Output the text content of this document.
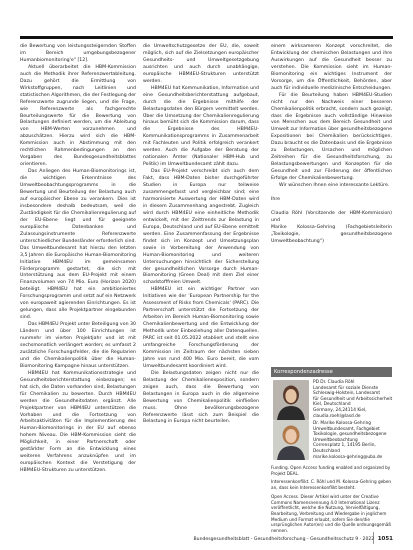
die Bewertung von leistungssteigernden Stoffen im Bereich umgebungsbezogener Humanbiomonitoring'e" [12].

Aktuell überarbeitet die HBM-Kommission auch die Methodik ihrer Referenzwertableitung. Dazu gehört die Ermittlung von Wirkstoffgruppen, nach Leitlinien und statistischen Algorithmen, die der Festlegung der Referenzwerte zugrunde liegen, und die Frage, wie Referenzwerte als fachgerechte Beurteilungswerte für die Bewertung von Belastungen definiert werden, um die Ableitung von HBM-Werten vorzunehmen und abzuschätzen. Hierzu wird sich die HBM-Kommission auch in Abstimmung mit den rechtlichen Rahmenbedingungen an den Vorgaben des Bundesgesundheitsblattes orientieren.

Das Anliegen des Human-Biomonitorings ist, die wichtigen Erkenntnisse des Umweltbeobachtungsprogramms in die Bewertung und Beurteilung der Belastung auch auf europäischer Ebene zu verankern. Dies ist insbesondere deshalb bedeutsam, weil die Zuständigkeit für die Chemikalienregulierung auf der EU-Ebene liegt und für geeignete europäische Datenbanken und Zulassungsinstrumente Referenzwerte unterschiedlicher Bundesländer erforderlich sind. Das Umweltbundesamt hat hierzu den letzten 3,5 Jahren die Europäische Human-Biomonitoring Initiative HBM4EU im gemeinsamen Förderprogramm gestartet, die sich mit Unterstützung aus dem EU-Projekt mit einem Finanzvolumen von 74 Mio. Euro (Horizon 2020) beteiligt. HBM4EU hat ein ambitioniertes Forschungsprogramm und setzt auf ein Netzwerk von europaweit agierenden Einrichtungen. Es ist gelungen, dass alle Projektpartner eingebunden sind.

Das HBM4EU Projekt unter Beteiligung von 30 Ländern und über 100 Einrichtungen ist nunmehr im vierten Projektjahr und ist mit sechsmonatlich verlängert worden; es umfasst 2 zusätzliche Forschungsfelder, die die Regularien und die Chemikalienpolitik über die Human-Biomonitoring Kampagne hinaus unterstützen.

HBM4EU hat Kommunikationsstrategie und Gesundheitsberichterstattung einbezogen; es hat sich, die Daten vorhanden sind, Belastungen für Chemikalien zu bewerten. Durch HBM4EU werden die Gesundheitsdaten ergänzt. Alle Projektpartner von HBM4EU unterstützen die Vorhaben und die Fortsetzung von Arbeitsaktivitäten für die Implementierung des Human-Biomonitorings in der EU auf ebenso hohem Niveau. Die HBM-Kommission sieht die Möglichkeit, in einer Partnerschaft oder gestärkter Form an die Entwicklung eines weiteren Verfahrens anzuknüpfen und im europäischen Kontext die Verstetigung der HBM4EU-Strukturen zu unterstützen.

die Umweltschutzgesetze der EU, die, soweit möglich, sich auf die Zielsetzungen europäischer Gesundheits- und Umweltgesetzgebung ausrichten und auch durch unabhängige, europäische HBM4EU-Strukturen unterstützt werden.

HBM4EU hat Kommunikation, Information und eine Gesundheitsberichterstattung aufgebaut, durch die die Ergebnisse mithilfe der Belastungsdaten den Bürgern vermittelt werden. Über die Umsetzung der Chemikalienregulierung hinaus bemüht sich die Kommission darum, dass die Ergebnisse des HBM4EU-Kommunikationsprogramms in Zusammenarbeit mit Fachleuten und Politik erfolgreich verankert werden. Auch die Aufgabe der Beratung der nationalen Ämter (Nationaler HBM-Hub und Politik) im Umweltbundesamt zählt dazu.

Das EU-Projekt verschreibt sich auch dem Fakt, dass HBM-Daten bisher durchgeführter Studien in Europa nur teilweise zusammengefasst und vergleichbar sind; eine harmonisierte Auswertung der HBM-Daten wird in diesem Zusammenhang angestrebt. Zugleich wird durch HBM4EU eine einheitliche Methodik entwickelt, mit der Zeittrends zur Belastung in Europa, Deutschland und auf EU-Ebene ermittelt werden. Eine Zusammenfassung der Ergebnisse findet sich im Konzept und Umsetzungsplan sowie in Vorbereitung der Anwendung von Human-Biomonitoring und weiteren Untersuchungen hinsichtlich der Sicherstellung der gesundheitlichen Vorsorge durch Human-Biomonitoring (Green Deal) mit dem Ziel einer schadstofffreien Umwelt.

HBM4EU ist ein wichtiger Partner von Initiativen wie der 'European Partnership for the Assessment of Risks from Chemicals' (PARC). Die Partnerschaft unterstützt die Fortsetzung der Arbeiten im Bereich Human-Biomonitoring sowie Chemikalienbewertung und die Entwicklung der Methodik unter Einbeziehung aller Datenquellen. PARC ist seit 01.05.2022 etabliert und stellt eine umfangreiche Forschungsförderung der Kommission im Zeitraum der nächsten sieben Jahre von rund 400 Mio. Euro bereit, die vom Umweltbundesamt koordiniert wird.

Die Belastungsdaten zeigen nicht nur die Belastung der Chemikalienexposition, sondern zeigen auch, dass die Bewertung von Belastungen in Europa auch in die allgemeine Bewertung von Chemikalienpolitik einfließen muss. Ohne bevölkerungsbezogene Referenzwerte lässt sich zum Beispiel die Belastung in Europa nicht beurteilen.

einem wirksameren Konzept vorschreitet, die Entwicklung der chemischen Belastungen und ihre Auswirkungen auf die Gesundheit besser zu verstehen. Die Kommission sieht im Human-Biomonitoring ein wichtiges Instrument der Vorsorge, um die Öffentlichkeit, Behörden, aber auch für individuelle medizinische Entscheidungen.

Für die Beurteilung haben HBM4EU-Studien nicht nur den Nachweis einer besseren Chemikalienpolitik erbracht, sondern auch gezeigt, dass die Ergebnisse auch vollständige Hinweise von Menschen aus dem Bereich Gesundheit und Umwelt zur Information über gesundheitsbezogene Expositionen bei Chemikalien berücksichtigen. Dazu braucht es die Datenbasis und die Ergebnisse zu Belastungen, Ursachen und möglichen Zeitreihen für die Gesundheitsforschung, zu Belastungsbewertungen und Konzepten für die Gesundheit und zur Förderung der öffentlichen Erfolge der Chemikalienbewertung.

Wir wünschen Ihnen eine interessante Lektüre.

Ihre

Claudia Röhl (Vorsitzende der HBM-Kommission) und

Marike Kolossa-Gehring (Fachgebietsleiterin „Toxikologie, gesundheitsbezogene Umweltbeobachtung“)

Korrespondenzadresse
PD Dr. Claudia Röhl
Landesamt für soziale Dienste
Schleswig-Holstein, Landesamt
für Gesundheit und Arbeitssicherheit
Kiel, Deutschland
Germany, 24,24114 Kiel,
claudia.roehl@lasd.de
Dr. Marike Kolossa-Gehring
Umweltbundesamt, Fachgebiet
Toxikologie, gesundheitsbezogene
Umweltbeobachtung
Corrensplatz 1, 14195 Berlin,
Deutschland
marike.kolossa-gehring@uba.de

Funding. Open Access funding enabled and organized by Projekt DEAL.

Interessenkonflikt. C. Röhl und M. Kolossa-Gehring geben an, dass kein Interessenkonflikt besteht.

Open Access. Dieser Artikel wird unter der Creative Commons Namensnennung 4.0 International Lizenz veröffentlicht, welche die Nutzung, Vervielfältigung, Bearbeitung, Verbreitung und Wiedergabe in jeglichem Medium und Format erlaubt, sofern Sie den/die ursprünglichen Autor(en) und die Quelle ordnungsgemäß nennen.

Bundesgesundheitsblatt - Gesundheitsforschung - Gesundheitsschutz 9 · 2022 1051
